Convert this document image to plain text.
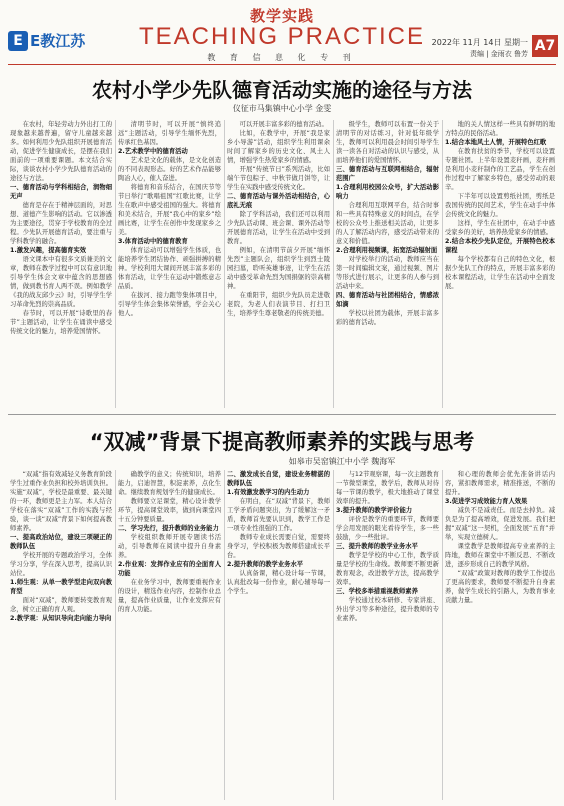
E E教江苏
教学实践
TEACHING PRACTICE
教 育 信 息 化 专 刊
2022年 11月 14日 星期一
责编 | 金雨衣 鲁芳 A7
农村小学少先队德育活动实施的途径与方法
仪征市马集镇中心小学 金雯

在农村，年轻劳动力外出打工的现象越来越普遍，留守儿童越来越多。如何利用少先队组织开展德育活动，促进学生健康成长，是摆在我们面前的一项重要课题。本文结合实际，谈谈农村小学少先队德育活动的途径与方法。

一、德育活动与学科相结合，润物细无声

德育是存在于精神层面的，对思想、道德产生影响的活动。它以渗透为主要途径，贯穿于学校教育的全过程。少先队开展德育活动，要注重与学科教学的融合。

1.激发兴趣，提高德育实效

语文课本中有很多文质兼美的文章，教师在教学过程中可以有意识地引导学生体会文章中蕴含的思想感情，做到教书育人两不误。例如教学《我的战友邱少云》时，引导学生学习革命先烈的崇高品质。

春节时，可以开展“诗歌里的春节”主题活动，让学生在诵读中感受传统文化的魅力，培养爱国情怀。

清明节时，可以开展“慎终追远”主题活动，引导学生缅怀先烈，传承红色基因。

2.艺术教学中的德育活动

艺术是文化的载体，是文化创造的不同表现形态。好的艺术作品能够陶冶人心，催人奋进。

将德育和音乐结合，在国庆节等节日举行“歌唱祖国”红歌比赛，让学生在歌声中感受祖国的强大。将德育和美术结合，开展“我心中的家乡”绘画比赛，让学生在创作中发现家乡之美。

3.体育活动中的德育教育

体育运动可以增强学生体质，也能培养学生团结协作、顽强拼搏的精神。学校利用大课间开展丰富多彩的体育活动，让学生在运动中锻炼意志品质。

在拔河、接力跑等集体项目中，引导学生体会集体荣誉感，学会关心他人。

可以开展丰富多彩的德育活动。

比如，在教学中，开展“我是家乡小导游”活动，组织学生利用课余时间了解家乡的历史文化、风土人情，增强学生热爱家乡的情感。

开展“传统节日”系列活动，比如端午节包粽子、中秋节做月饼等，让学生在实践中感受传统文化。

二、德育活动与课外活动相结合，心底礼无痕

除了学科活动，我们还可以利用少先队活动课、班会课、课外活动等开展德育活动，让学生在活动中受到教育。

例如，在清明节前夕开展“缅怀先烈”主题队会，组织学生到烈士陵园扫墓，聆听英雄事迹，让学生在活动中感受革命先烈为国捐躯的崇高精神。

在重阳节，组织少先队员走进敬老院，为老人们表演节目、打扫卫生，培养学生尊老敬老的传统美德。

级学生，教师可以布置一份关于清明节的对话练习，针对低年级学生，教师可以利用晨会时间引导学生读一读各自对活动的认识与感受，从而培养他们的爱国情怀。

三、德育活动与互联网相结合，辐射范围广

1.合理利用校园公众号，扩大活动影响力

合理利用互联网平台，结合时事和一些具有特殊意义的时间点，在学校的公众号上推送相关活动，让更多的人了解活动内容，感受活动带来的意义和价值。

2.合理利用视频课，拓宽活动辐射面

对学校举行的活动，教师应当在第一时间编辑文案，通过视频、图片等形式进行展示，让更多的人参与到活动中来。

四、德育活动与社团相结合，情感浓如滴

学校以社团为载体，开展丰富多彩的德育活动。

地的关人情这样一些具有鲜明的地方特点的民俗活动。

1.结合本地风土人情，开展特色红歌

在教育扶贫的季节，学校可以设置专题社团。上半年设置麦秆画，麦秆画是利用小麦秆制作的工艺品，学生在创作过程中了解家乡特色，感受劳动的艰辛。

下半年可以设置剪纸社团，剪纸是我国传统的民间艺术，学生在动手中体会传统文化的魅力。

这样，学生在社团中，在动手中感受家乡的美好，培养热爱家乡的情感。

2.结合本校少先队定位，开展特色校本课程

每个学校都有自己的特色文化，根据少先队工作的特点，开展丰富多彩的校本课程活动，让学生在活动中全面发展。

“双减”背景下提高教师素养的实践与思考
如皋市吴窑镇江中小学 魏海军

“双减”指有效减轻义务教育阶段学生过重作业负担和校外培训负担。实施“双减”，学校是最重要、最关键的一环，教师更是主力军。本人结合学校在落实“双减”工作的实践与经验，谈一谈“双减”背景下如何提高教师素养。

一、提高政治站位，建设三项硬正的教师队伍

学校开展的专题政治学习，全体学习分享，学在深入思考，提高认识站位。

1.师生观：从单一教学型走向双向教育型

面对“双减”，教师要转变教育观念，树立正确的育人观。

2.教学观：从知识导向走向能力导向

确教学的意义；传统知识，培养能力，启迪智慧，积淀素养，点化生命。继续教育规划学生的健康成长。

教师要立足课堂，精心设计教学环节，提高课堂效率，做到向课堂四十五分钟要质量。

二、学习先行，提升教师的业务能力

学校组织教师开展专题读书活动，引导教师在阅读中提升自身素养。

2.作业观：发挥作业应有的全面育人功能

在业务学习中，教师要重视作业的设计，精选作业内容，控制作业总量，提高作业质量，让作业发挥应有的育人功能。

二、激发成长自觉，建设业务精湛的教师队伍

1.有效激发教学习的内生动力

在明白，在“双减”背景下，教师工学矛盾问题突出，为了缓解这一矛盾，教师首先要认识到，教学工作是一项专业性很强的工作。

教师专业成长需要自觉，需要终身学习，学校积极为教师搭建成长平台。

2.提升教师的教学业务水平

认真备课，精心设计每一节课，认真批改每一份作业，耐心辅导每一个学生。

与12节观察课，每一次主题教育一节微型课堂，教学后，教师从对待每一节课的教学，极大地推动了课堂效率的提升。

3.提升教师的教学评价能力

评价是教学的重要环节，教师要学会用发展的眼光看待学生，多一些鼓励，少一些批评。

三、提升教师的教学业务水平

教学是学校的中心工作，教学质量是学校的生命线。教师要不断更新教育观念，改进教学方法，提高教学效率。

三、学校多举措重视教师素养

学校通过校本研修、专家讲座、外出学习等多种途径，提升教师的专业素养。

和心理的教师会优先准备讲话内容，紧扣教师需求，精准推送，不断的提升。

3.促进学习成效能力育人效果

减负不是减责任。而是去掉负。减负是为了提高增效，促进发展。我们把握“双减”这一契机，全面发展“五育”并举，实现立德树人。

课堂教学是教师提高专业素养的主阵地，教师在课堂中不断反思、不断改进，逐步形成自己的教学风格。

“双减”政策对教师的教学工作提出了更高的要求，教师要不断提升自身素养，做学生成长的引路人，为教育事业贡献力量。
